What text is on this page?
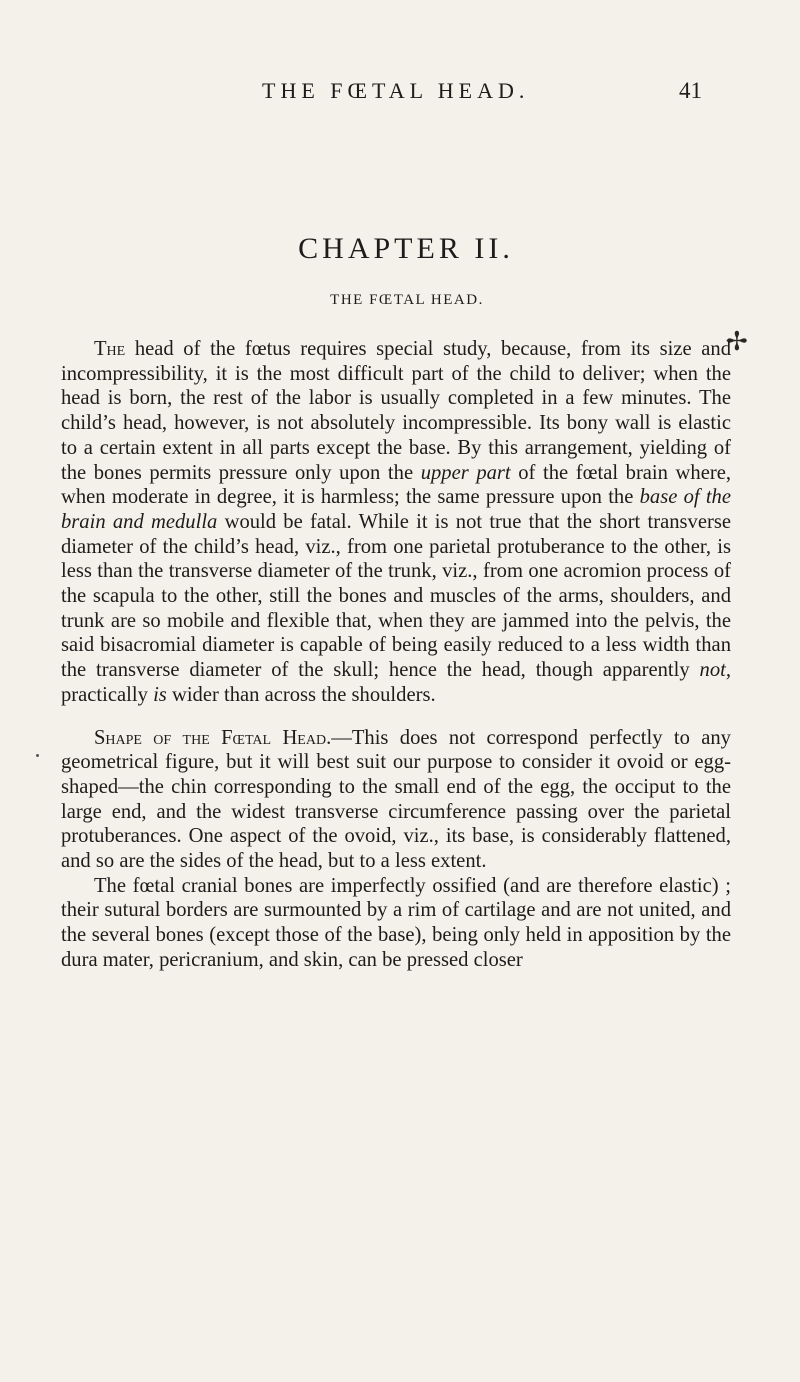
THE FŒTAL HEAD.	41
CHAPTER II.
THE FŒTAL HEAD.
✢

The head of the fœtus requires special study, because, from its size and incompressibility, it is the most difficult part of the child to deliver; when the head is born, the rest of the labor is usually completed in a few minutes. The child’s head, however, is not absolutely incompressible. Its bony wall is elastic to a certain extent in all parts except the base. By this arrangement, yielding of the bones permits pressure only upon the upper part of the fœtal brain where, when moderate in degree, it is harmless; the same pressure upon the base of the brain and medulla would be fatal. While it is not true that the short transverse diameter of the child’s head, viz., from one parietal protuberance to the other, is less than the transverse diameter of the trunk, viz., from one acromion process of the scapula to the other, still the bones and muscles of the arms, shoulders, and trunk are so mobile and flexible that, when they are jammed into the pelvis, the said bisacromial diameter is capable of being easily reduced to a less width than the transverse diameter of the skull; hence the head, though apparently not, practically is wider than across the shoulders.

Shape of the Fœtal Head.—This does not correspond perfectly to any geometrical figure, but it will best suit our purpose to consider it ovoid or egg-shaped—the chin corresponding to the small end of the egg, the occiput to the large end, and the widest transverse circumference passing over the parietal protuberances. One aspect of the ovoid, viz., its base, is considerably flattened, and so are the sides of the head, but to a less extent.

The fœtal cranial bones are imperfectly ossified (and are therefore elastic) ; their sutural borders are surmounted by a rim of cartilage and are not united, and the several bones (except those of the base), being only held in apposition by the dura mater, pericranium, and skin, can be pressed closer
